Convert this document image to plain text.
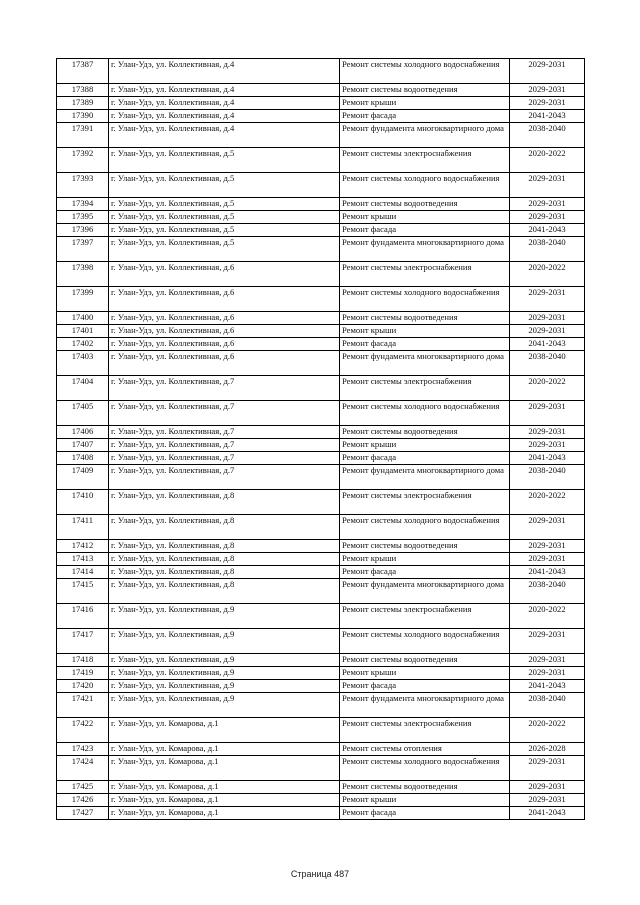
17387	г. Улан-Удэ, ул. Коллективная, д.4	Ремонт системы холодного водоснабжения	2029-2031
17388	г. Улан-Удэ, ул. Коллективная, д.4	Ремонт системы водоотведения	2029-2031
17389	г. Улан-Удэ, ул. Коллективная, д.4	Ремонт крыши	2029-2031
17390	г. Улан-Удэ, ул. Коллективная, д.4	Ремонт фасада	2041-2043
17391	г. Улан-Удэ, ул. Коллективная, д.4	Ремонт фундамента многоквартирного дома	2038-2040
17392	г. Улан-Удэ, ул. Коллективная, д.5	Ремонт системы электроснабжения	2020-2022
17393	г. Улан-Удэ, ул. Коллективная, д.5	Ремонт системы холодного водоснабжения	2029-2031
17394	г. Улан-Удэ, ул. Коллективная, д.5	Ремонт системы водоотведения	2029-2031
17395	г. Улан-Удэ, ул. Коллективная, д.5	Ремонт крыши	2029-2031
17396	г. Улан-Удэ, ул. Коллективная, д.5	Ремонт фасада	2041-2043
17397	г. Улан-Удэ, ул. Коллективная, д.5	Ремонт фундамента многоквартирного дома	2038-2040
17398	г. Улан-Удэ, ул. Коллективная, д.6	Ремонт системы электроснабжения	2020-2022
17399	г. Улан-Удэ, ул. Коллективная, д.6	Ремонт системы холодного водоснабжения	2029-2031
17400	г. Улан-Удэ, ул. Коллективная, д.6	Ремонт системы водоотведения	2029-2031
17401	г. Улан-Удэ, ул. Коллективная, д.6	Ремонт крыши	2029-2031
17402	г. Улан-Удэ, ул. Коллективная, д.6	Ремонт фасада	2041-2043
17403	г. Улан-Удэ, ул. Коллективная, д.6	Ремонт фундамента многоквартирного дома	2038-2040
17404	г. Улан-Удэ, ул. Коллективная, д.7	Ремонт системы электроснабжения	2020-2022
17405	г. Улан-Удэ, ул. Коллективная, д.7	Ремонт системы холодного водоснабжения	2029-2031
17406	г. Улан-Удэ, ул. Коллективная, д.7	Ремонт системы водоотведения	2029-2031
17407	г. Улан-Удэ, ул. Коллективная, д.7	Ремонт крыши	2029-2031
17408	г. Улан-Удэ, ул. Коллективная, д.7	Ремонт фасада	2041-2043
17409	г. Улан-Удэ, ул. Коллективная, д.7	Ремонт фундамента многоквартирного дома	2038-2040
17410	г. Улан-Удэ, ул. Коллективная, д.8	Ремонт системы электроснабжения	2020-2022
17411	г. Улан-Удэ, ул. Коллективная, д.8	Ремонт системы холодного водоснабжения	2029-2031
17412	г. Улан-Удэ, ул. Коллективная, д.8	Ремонт системы водоотведения	2029-2031
17413	г. Улан-Удэ, ул. Коллективная, д.8	Ремонт крыши	2029-2031
17414	г. Улан-Удэ, ул. Коллективная, д.8	Ремонт фасада	2041-2043
17415	г. Улан-Удэ, ул. Коллективная, д.8	Ремонт фундамента многоквартирного дома	2038-2040
17416	г. Улан-Удэ, ул. Коллективная, д.9	Ремонт системы электроснабжения	2020-2022
17417	г. Улан-Удэ, ул. Коллективная, д.9	Ремонт системы холодного водоснабжения	2029-2031
17418	г. Улан-Удэ, ул. Коллективная, д.9	Ремонт системы водоотведения	2029-2031
17419	г. Улан-Удэ, ул. Коллективная, д.9	Ремонт крыши	2029-2031
17420	г. Улан-Удэ, ул. Коллективная, д.9	Ремонт фасада	2041-2043
17421	г. Улан-Удэ, ул. Коллективная, д.9	Ремонт фундамента многоквартирного дома	2038-2040
17422	г. Улан-Удэ, ул. Комарова, д.1	Ремонт системы электроснабжения	2020-2022
17423	г. Улан-Удэ, ул. Комарова, д.1	Ремонт системы отопления	2026-2028
17424	г. Улан-Удэ, ул. Комарова, д.1	Ремонт системы холодного водоснабжения	2029-2031
17425	г. Улан-Удэ, ул. Комарова, д.1	Ремонт системы водоотведения	2029-2031
17426	г. Улан-Удэ, ул. Комарова, д.1	Ремонт крыши	2029-2031
17427	г. Улан-Удэ, ул. Комарова, д.1	Ремонт фасада	2041-2043
Страница 487
